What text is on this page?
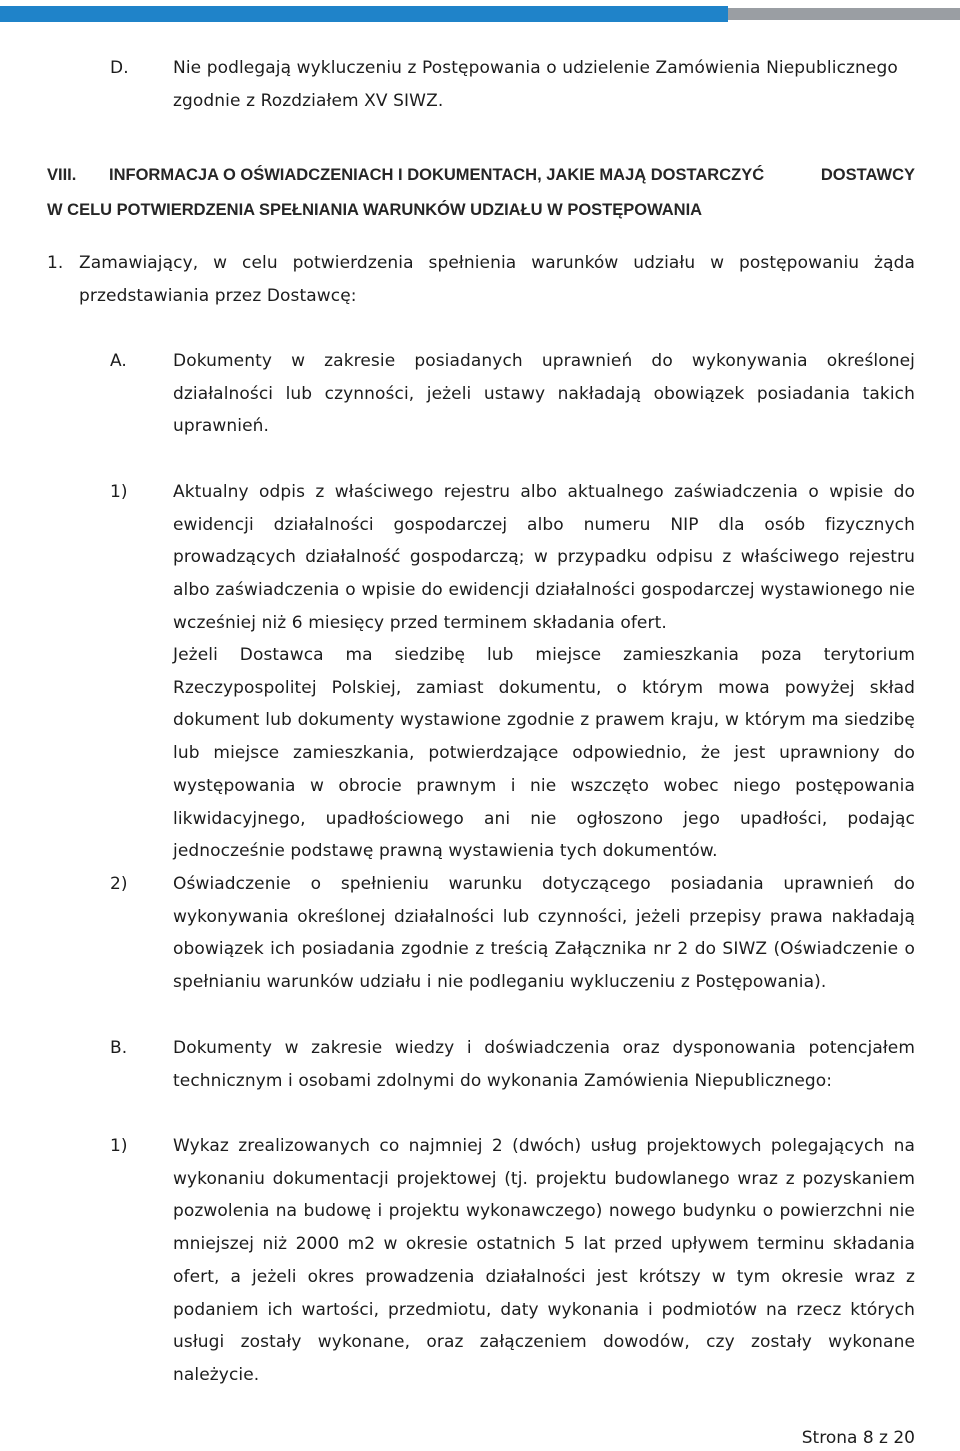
D.	Nie podlegają wykluczeniu z Postępowania o udzielenie Zamówienia Niepublicznego zgodnie z Rozdziałem XV SIWZ.
VIII. INFORMACJA O OŚWIADCZENIACH I DOKUMENTACH, JAKIE MAJĄ DOSTARCZYĆ	DOSTAWCY
W CELU POTWIERDZENIA SPEŁNIANIA WARUNKÓW UDZIAŁU W POSTĘPOWANIA
1. Zamawiający, w celu potwierdzenia spełnienia warunków udziału w postępowaniu żąda przedstawiania przez Dostawcę:
A.	Dokumenty w zakresie posiadanych uprawnień do wykonywania określonej działalności lub czynności, jeżeli ustawy nakładają obowiązek posiadania takich uprawnień.
1)	Aktualny odpis z właściwego rejestru albo aktualnego zaświadczenia o wpisie do ewidencji działalności gospodarczej albo numeru NIP dla osób fizycznych prowadzących działalność gospodarczą; w przypadku odpisu z właściwego rejestru albo zaświadczenia o wpisie do ewidencji działalności gospodarczej wystawionego nie wcześniej niż 6 miesięcy przed terminem składania ofert.
Jeżeli Dostawca ma siedzibę lub miejsce zamieszkania poza terytorium Rzeczypospolitej Polskiej, zamiast dokumentu, o którym mowa powyżej skład dokument lub dokumenty wystawione zgodnie z prawem kraju, w którym ma siedzibę lub miejsce zamieszkania, potwierdzające odpowiednio, że jest uprawniony do występowania w obrocie prawnym i nie wszczęto wobec niego postępowania likwidacyjnego, upadłościowego ani nie ogłoszono jego upadłości, podając jednocześnie podstawę prawną wystawienia tych dokumentów.
2)	Oświadczenie o spełnieniu warunku dotyczącego posiadania uprawnień do wykonywania określonej działalności lub czynności, jeżeli przepisy prawa nakładają obowiązek ich posiadania zgodnie z treścią Załącznika nr 2 do SIWZ (Oświadczenie o spełnianiu warunków udziału i nie podleganiu wykluczeniu z Postępowania).
B.	Dokumenty w zakresie wiedzy i doświadczenia oraz dysponowania potencjałem technicznym i osobami zdolnymi do wykonania Zamówienia Niepublicznego:
1)	Wykaz zrealizowanych co najmniej 2 (dwóch) usług projektowych polegających na wykonaniu dokumentacji projektowej (tj. projektu budowlanego wraz z pozyskaniem pozwolenia na budowę i projektu wykonawczego) nowego budynku o powierzchni nie mniejszej niż 2000 m2 w okresie ostatnich 5 lat przed upływem terminu składania ofert, a jeżeli okres prowadzenia działalności jest krótszy w tym okresie wraz z podaniem ich wartości, przedmiotu, daty wykonania i podmiotów na rzecz których usługi zostały wykonane, oraz załączeniem dowodów, czy zostały wykonane należycie.
Strona 8 z 20
